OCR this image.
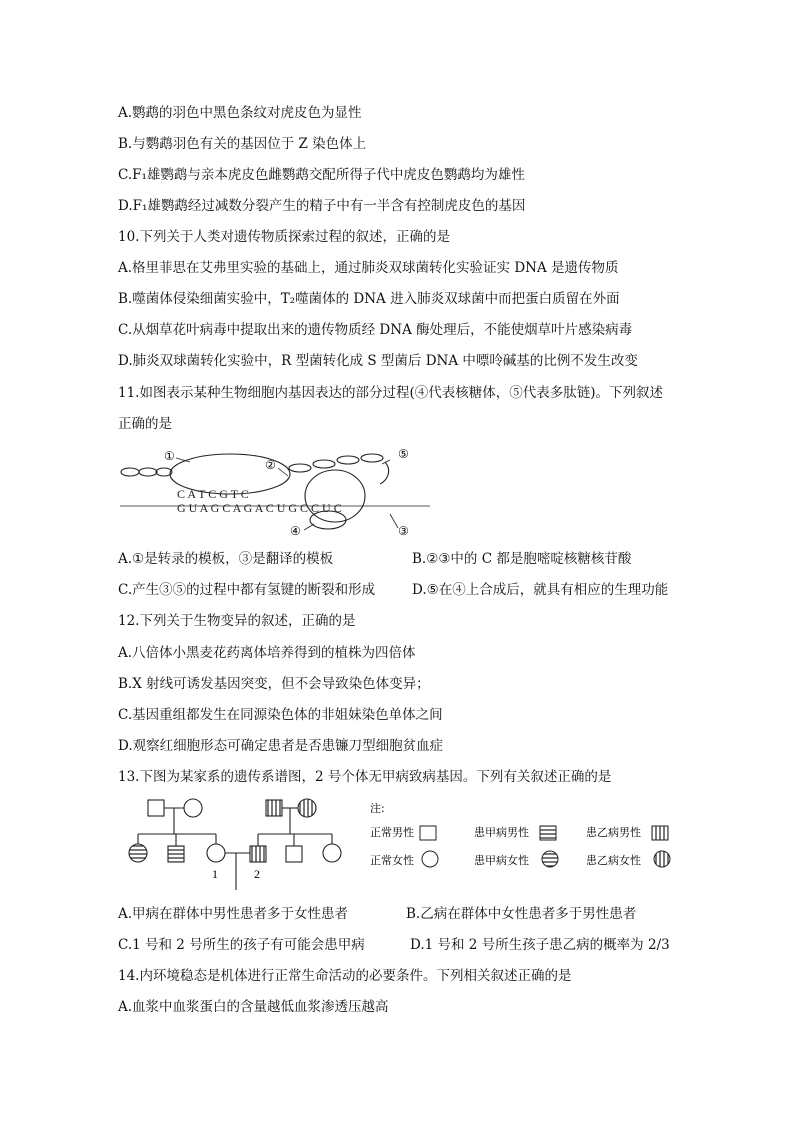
A.鹦鹉的羽色中黑色条纹对虎皮色为显性
B.与鹦鹉羽色有关的基因位于 Z 染色体上
C.F₁雄鹦鹉与亲本虎皮色雌鹦鹉交配所得子代中虎皮色鹦鹉均为雄性
D.F₁雄鹦鹉经过减数分裂产生的精子中有一半含有控制虎皮色的基因
10.下列关于人类对遗传物质探索过程的叙述，正确的是
A.格里菲思在艾弗里实验的基础上，通过肺炎双球菌转化实验证实 DNA 是遗传物质
B.噬菌体侵染细菌实验中，T₂噬菌体的 DNA 进入肺炎双球菌中而把蛋白质留在外面
C.从烟草花叶病毒中提取出来的遗传物质经 DNA 酶处理后，不能使烟草叶片感染病毒
D.肺炎双球菌转化实验中，R 型菌转化成 S 型菌后 DNA 中嘌呤碱基的比例不发生改变
11.如图表示某种生物细胞内基因表达的部分过程(④代表核糖体，⑤代表多肽链)。下列叙述
正确的是
C A T C G T C
G U A G C A G A C U G C C U C
①
②
⑤
④	③
A.①是转录的模板，③是翻译的模板	B.②③中的 C 都是胞嘧啶核糖核苷酸
C.产生③⑤的过程中都有氢键的断裂和形成	D.⑤在④上合成后，就具有相应的生理功能
12.下列关于生物变异的叙述，正确的是
A.八倍体小黑麦花药离体培养得到的植株为四倍体
B.X 射线可诱发基因突变，但不会导致染色体变异；
C.基因重组都发生在同源染色体的非姐妹染色单体之间
D.观察红细胞形态可确定患者是否患镰刀型细胞贫血症
13.下图为某家系的遗传系谱图，2 号个体无甲病致病基因。下列有关叙述正确的是
1	2
注:
正常男性
正常女性
患甲病男性
患甲病女性
患乙病男性
患乙病女性
A.甲病在群体中男性患者多于女性患者	B.乙病在群体中女性患者多于男性患者
C.1 号和 2 号所生的孩子有可能会患甲病	D.1 号和 2 号所生孩子患乙病的概率为 2/3
14.内环境稳态是机体进行正常生命活动的必要条件。下列相关叙述正确的是
A.血浆中血浆蛋白的含量越低血浆渗透压越高
